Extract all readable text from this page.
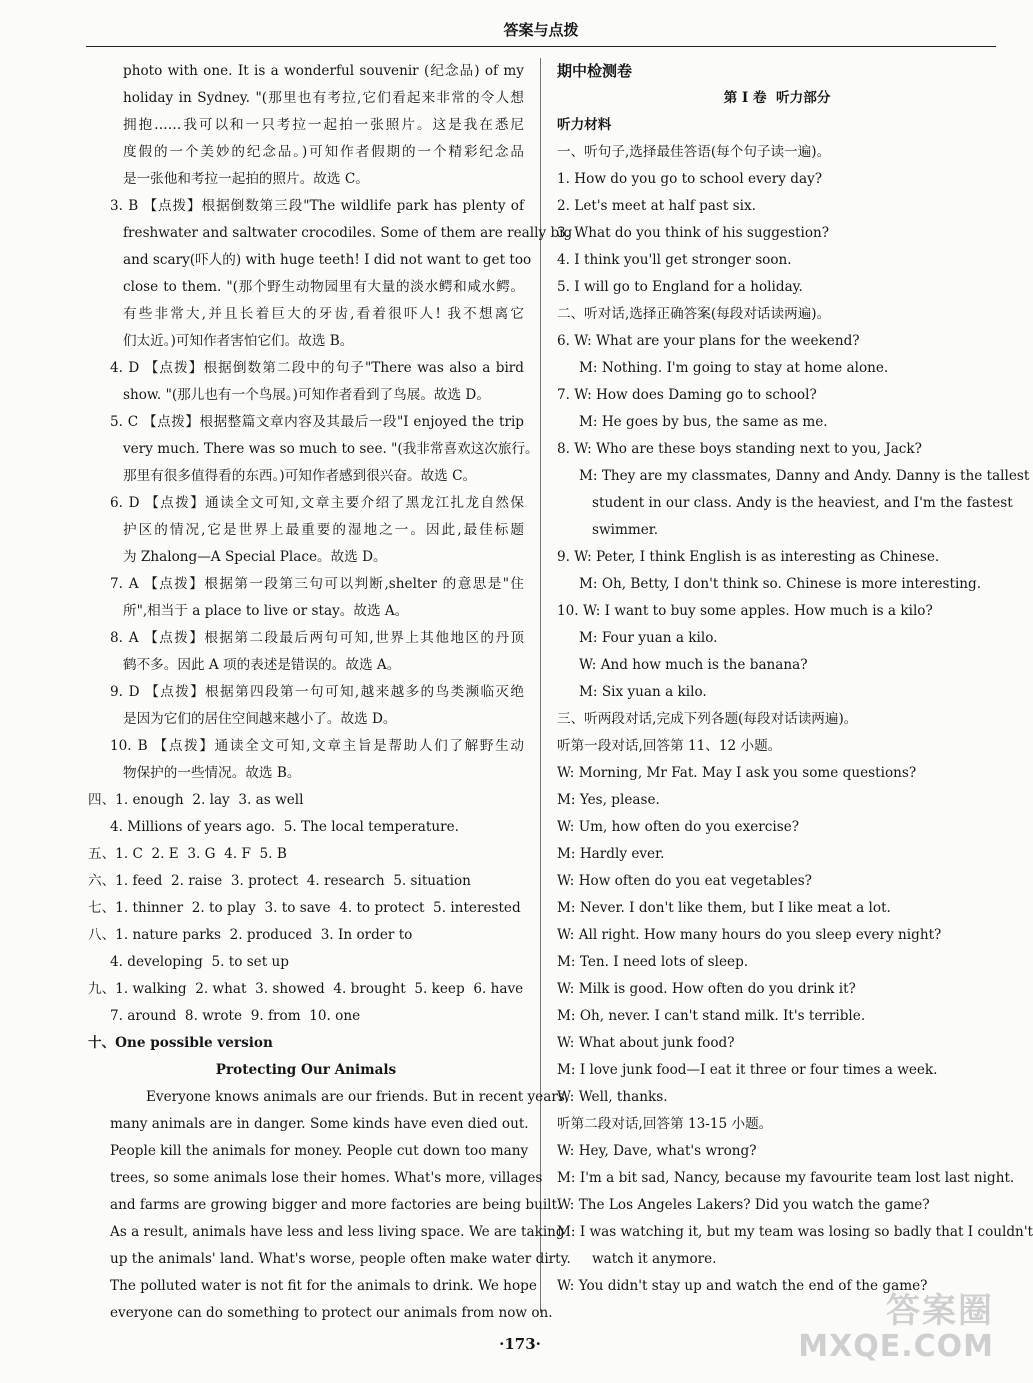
答案与点拨
photo with one. It is a wonderful souvenir (纪念品) of my
holiday in Sydney. "(那里也有考拉,它们看起来非常的令人想
拥抱……我可以和一只考拉一起拍一张照片。这是我在悉尼
度假的一个美妙的纪念品。)可知作者假期的一个精彩纪念品
是一张他和考拉一起拍的照片。故选 C。
3. B 【点拨】根据倒数第三段"The wildlife park has plenty of
freshwater and saltwater crocodiles. Some of them are really big
and scary(吓人的) with huge teeth! I did not want to get too
close to them. "(那个野生动物园里有大量的淡水鳄和咸水鳄。
有些非常大,并且长着巨大的牙齿,看着很吓人! 我不想离它
们太近。)可知作者害怕它们。故选 B。
4. D 【点拨】根据倒数第二段中的句子"There was also a bird
show. "(那儿也有一个鸟展。)可知作者看到了鸟展。故选 D。
5. C 【点拨】根据整篇文章内容及其最后一段"I enjoyed the trip
very much. There was so much to see. "(我非常喜欢这次旅行。
那里有很多值得看的东西。)可知作者感到很兴奋。故选 C。
6. D 【点拨】通读全文可知,文章主要介绍了黑龙江扎龙自然保
护区的情况,它是世界上最重要的湿地之一。因此,最佳标题
为 Zhalong—A Special Place。故选 D。
7. A 【点拨】根据第一段第三句可以判断,shelter 的意思是"住
所",相当于 a place to live or stay。故选 A。
8. A 【点拨】根据第二段最后两句可知,世界上其他地区的丹顶
鹤不多。因此 A 项的表述是错误的。故选 A。
9. D 【点拨】根据第四段第一句可知,越来越多的鸟类濒临灭绝
是因为它们的居住空间越来越小了。故选 D。
10. B 【点拨】通读全文可知,文章主旨是帮助人们了解野生动
物保护的一些情况。故选 B。
四、1. enough  2. lay  3. as well
4. Millions of years ago.  5. The local temperature.
五、1. C  2. E  3. G  4. F  5. B
六、1. feed  2. raise  3. protect  4. research  5. situation
七、1. thinner  2. to play  3. to save  4. to protect  5. interested
八、1. nature parks  2. produced  3. In order to
4. developing  5. to set up
九、1. walking  2. what  3. showed  4. brought  5. keep  6. have
7. around  8. wrote  9. from  10. one
十、One possible version
Protecting Our Animals
Everyone knows animals are our friends. But in recent years,
many animals are in danger. Some kinds have even died out.
People kill the animals for money. People cut down too many
trees, so some animals lose their homes. What's more, villages
and farms are growing bigger and more factories are being built.
As a result, animals have less and less living space. We are taking
up the animals' land. What's worse, people often make water dirty.
The polluted water is not fit for the animals to drink. We hope
everyone can do something to protect our animals from now on.
期中检测卷
第 Ⅰ 卷  听力部分
听力材料
一、听句子,选择最佳答语(每个句子读一遍)。
1. How do you go to school every day?
2. Let's meet at half past six.
3. What do you think of his suggestion?
4. I think you'll get stronger soon.
5. I will go to England for a holiday.
二、听对话,选择正确答案(每段对话读两遍)。
6. W: What are your plans for the weekend?
M: Nothing. I'm going to stay at home alone.
7. W: How does Daming go to school?
M: He goes by bus, the same as me.
8. W: Who are these boys standing next to you, Jack?
M: They are my classmates, Danny and Andy. Danny is the tallest
student in our class. Andy is the heaviest, and I'm the fastest
swimmer.
9. W: Peter, I think English is as interesting as Chinese.
M: Oh, Betty, I don't think so. Chinese is more interesting.
10. W: I want to buy some apples. How much is a kilo?
M: Four yuan a kilo.
W: And how much is the banana?
M: Six yuan a kilo.
三、听两段对话,完成下列各题(每段对话读两遍)。
听第一段对话,回答第 11、12 小题。
W: Morning, Mr Fat. May I ask you some questions?
M: Yes, please.
W: Um, how often do you exercise?
M: Hardly ever.
W: How often do you eat vegetables?
M: Never. I don't like them, but I like meat a lot.
W: All right. How many hours do you sleep every night?
M: Ten. I need lots of sleep.
W: Milk is good. How often do you drink it?
M: Oh, never. I can't stand milk. It's terrible.
W: What about junk food?
M: I love junk food—I eat it three or four times a week.
W: Well, thanks.
听第二段对话,回答第 13-15 小题。
W: Hey, Dave, what's wrong?
M: I'm a bit sad, Nancy, because my favourite team lost last night.
W: The Los Angeles Lakers? Did you watch the game?
M: I was watching it, but my team was losing so badly that I couldn't
watch it anymore.
W: You didn't stay up and watch the end of the game?
·173·
答案圈
MXQE.COM
